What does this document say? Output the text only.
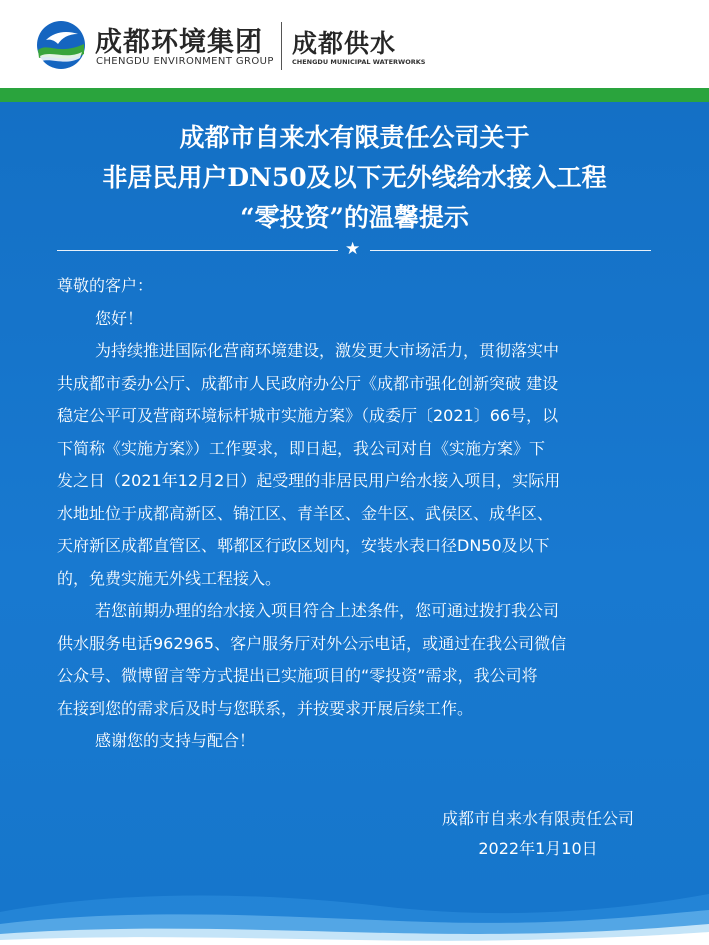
成都环境集团
CHENGDU ENVIRONMENT GROUP
成都供水
CHENGDU MUNICIPAL WATERWORKS
成都市自来水有限责任公司关于
非居民用户DN50及以下无外线给水接入工程
“零投资”的温馨提示
★
尊敬的客户：
您好！
为持续推进国际化营商环境建设，激发更大市场活力，贯彻落实中
共成都市委办公厅、成都市人民政府办公厅《成都市强化创新突破 建设
稳定公平可及营商环境标杆城市实施方案》（成委厅〔2021〕66号，以
下简称《实施方案》）工作要求，即日起，我公司对自《实施方案》下
发之日（2021年12月2日）起受理的非居民用户给水接入项目，实际用
水地址位于成都高新区、锦江区、青羊区、金牛区、武侯区、成华区、
天府新区成都直管区、郫都区行政区划内，安装水表口径DN50及以下
的，免费实施无外线工程接入。
若您前期办理的给水接入项目符合上述条件，您可通过拨打我公司
供水服务电话962965、客户服务厅对外公示电话，或通过在我公司微信
公众号、微博留言等方式提出已实施项目的“零投资”需求，我公司将
在接到您的需求后及时与您联系，并按要求开展后续工作。
感谢您的支持与配合！
成都市自来水有限责任公司
2022年1月10日
